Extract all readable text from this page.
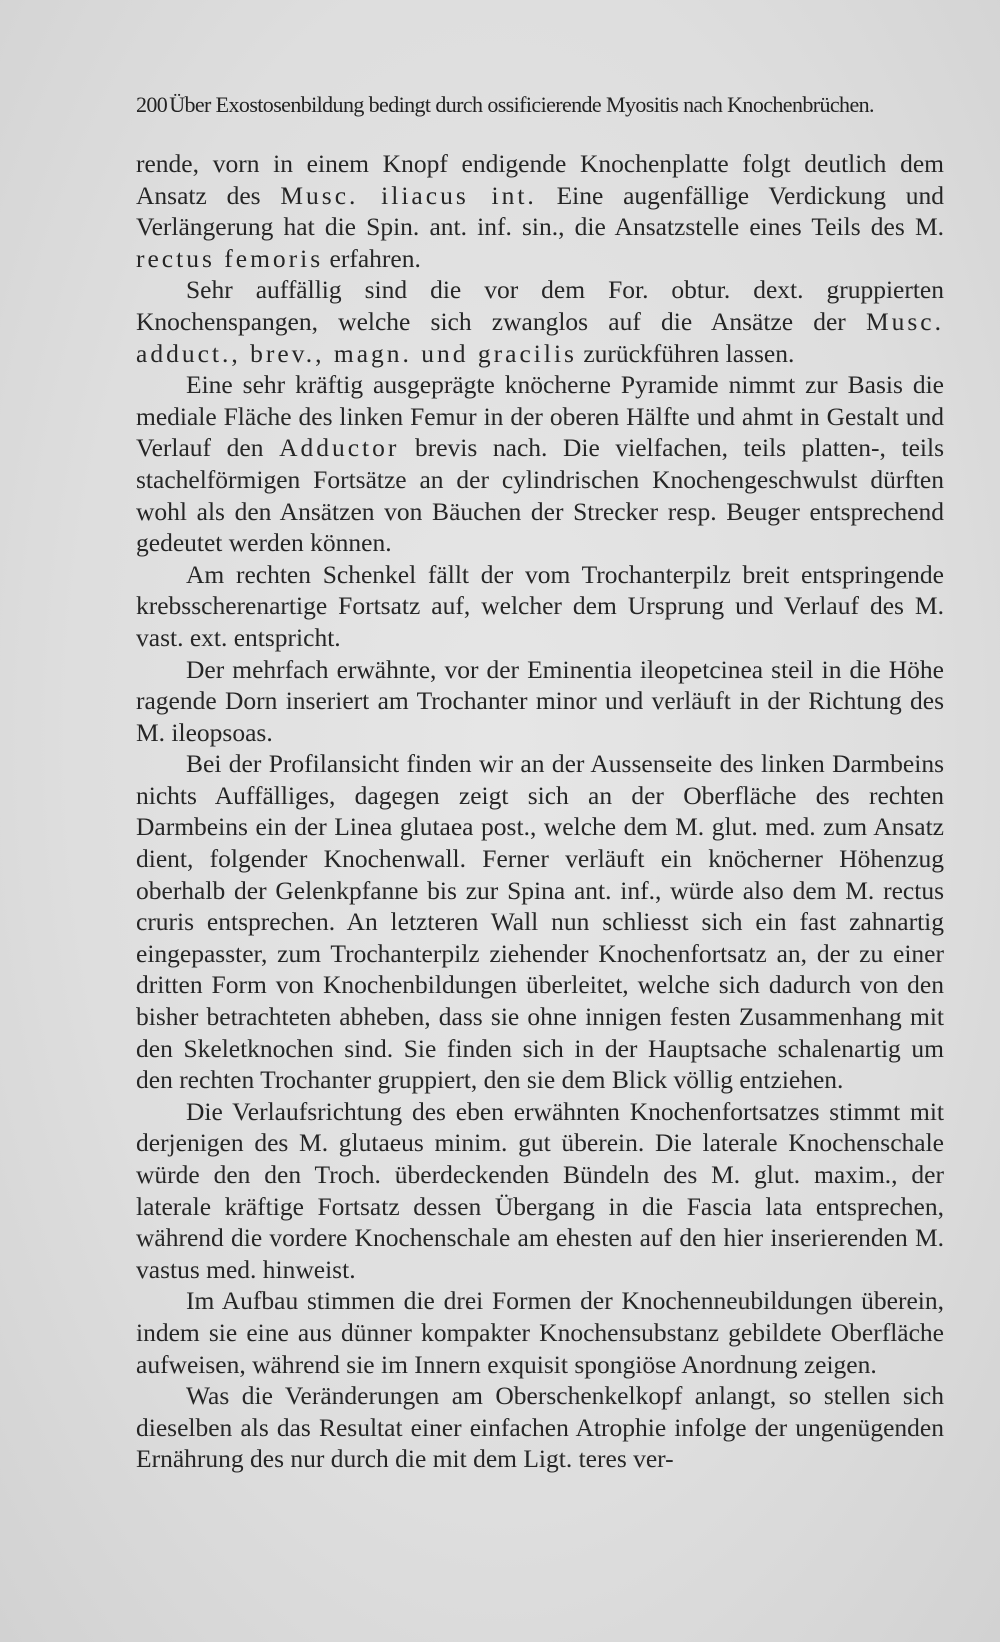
200Über Exostosenbildung bedingt durch ossificierende Myositis nach Knochenbrüchen.

rende, vorn in einem Knopf endigende Knochenplatte folgt deutlich dem Ansatz des Musc. iliacus int. Eine augenfällige Verdickung und Verlängerung hat die Spin. ant. inf. sin., die Ansatzstelle eines Teils des M. rectus femoris erfahren.

Sehr auffällig sind die vor dem For. obtur. dext. gruppierten Knochenspangen, welche sich zwanglos auf die Ansätze der Musc. adduct., brev., magn. und gracilis zurückführen lassen.

Eine sehr kräftig ausgeprägte knöcherne Pyramide nimmt zur Basis die mediale Fläche des linken Femur in der oberen Hälfte und ahmt in Gestalt und Verlauf den Adductor brevis nach. Die vielfachen, teils platten-, teils stachelförmigen Fortsätze an der cylindrischen Knochengeschwulst dürften wohl als den Ansätzen von Bäuchen der Strecker resp. Beuger entsprechend gedeutet werden können.

Am rechten Schenkel fällt der vom Trochanterpilz breit entspringende krebsscherenartige Fortsatz auf, welcher dem Ursprung und Verlauf des M. vast. ext. entspricht.

Der mehrfach erwähnte, vor der Eminentia ileopetcinea steil in die Höhe ragende Dorn inseriert am Trochanter minor und verläuft in der Richtung des M. ileopsoas.

Bei der Profilansicht finden wir an der Aussenseite des linken Darmbeins nichts Auffälliges, dagegen zeigt sich an der Oberfläche des rechten Darmbeins ein der Linea glutaea post., welche dem M. glut. med. zum Ansatz dient, folgender Knochenwall. Ferner verläuft ein knöcherner Höhenzug oberhalb der Gelenkpfanne bis zur Spina ant. inf., würde also dem M. rectus cruris entsprechen. An letzteren Wall nun schliesst sich ein fast zahnartig eingepasster, zum Trochanterpilz ziehender Knochenfortsatz an, der zu einer dritten Form von Knochenbildungen überleitet, welche sich dadurch von den bisher betrachteten abheben, dass sie ohne innigen festen Zusammenhang mit den Skeletknochen sind. Sie finden sich in der Hauptsache schalenartig um den rechten Trochanter gruppiert, den sie dem Blick völlig entziehen.

Die Verlaufsrichtung des eben erwähnten Knochenfortsatzes stimmt mit derjenigen des M. glutaeus minim. gut überein. Die laterale Knochenschale würde den den Troch. überdeckenden Bündeln des M. glut. maxim., der laterale kräftige Fortsatz dessen Übergang in die Fascia lata entsprechen, während die vordere Knochenschale am ehesten auf den hier inserierenden M. vastus med. hinweist.

Im Aufbau stimmen die drei Formen der Knochenneubildungen überein, indem sie eine aus dünner kompakter Knochensubstanz gebildete Oberfläche aufweisen, während sie im Innern exquisit spongiöse Anordnung zeigen.

Was die Veränderungen am Oberschenkelkopf anlangt, so stellen sich dieselben als das Resultat einer einfachen Atrophie infolge der ungenügenden Ernährung des nur durch die mit dem Ligt. teres ver-
